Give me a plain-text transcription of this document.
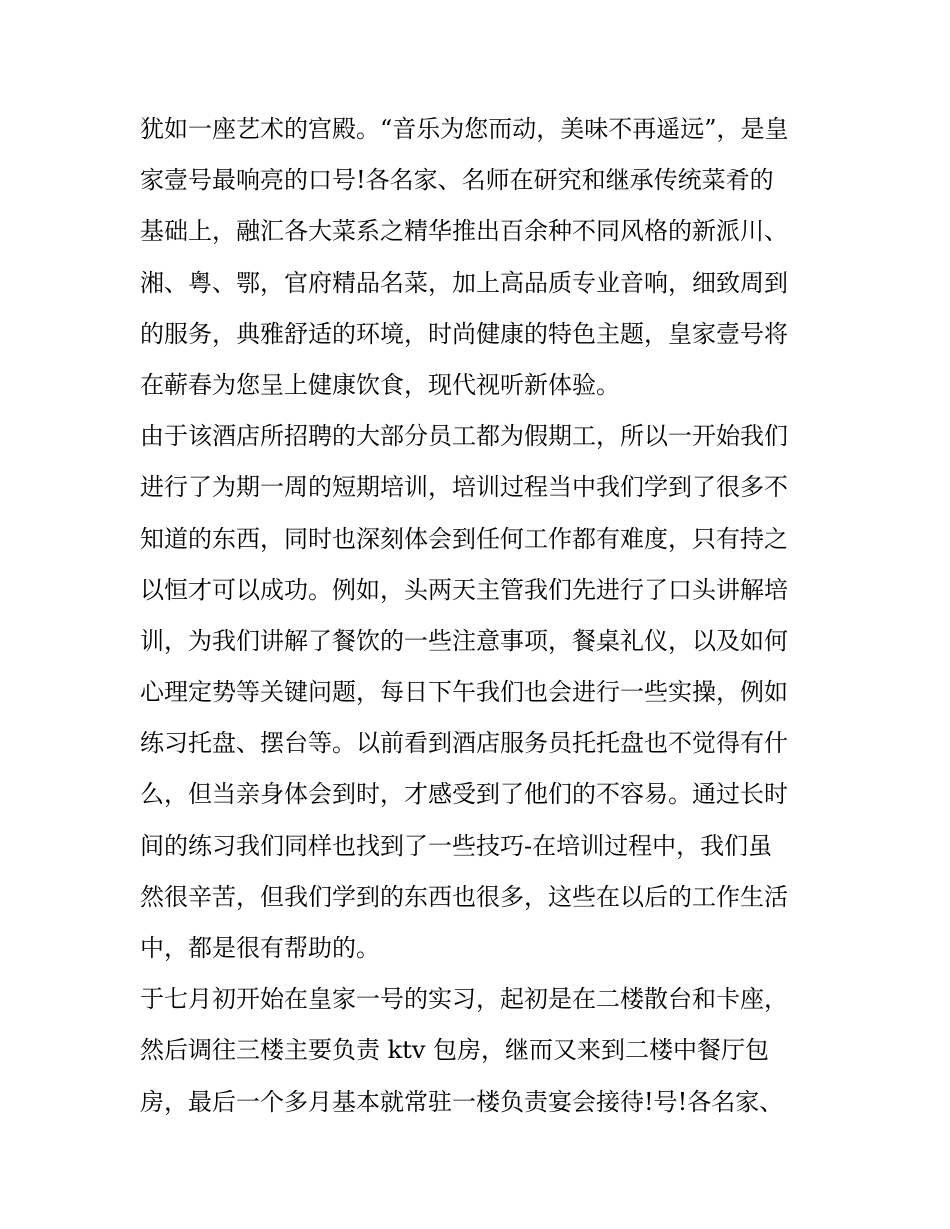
犹如一座艺术的宫殿。“音乐为您而动，美味不再遥远”，是皇
家壹号最响亮的口号!各名家、名师在研究和继承传统菜肴的
基础上，融汇各大菜系之精华推出百余种不同风格的新派川、
湘、粤、鄂，官府精品名菜，加上高品质专业音响，细致周到
的服务，典雅舒适的环境，时尚健康的特色主题，皇家壹号将
在蕲春为您呈上健康饮食，现代视听新体验。
由于该酒店所招聘的大部分员工都为假期工，所以一开始我们
进行了为期一周的短期培训，培训过程当中我们学到了很多不
知道的东西，同时也深刻体会到任何工作都有难度，只有持之
以恒才可以成功。例如，头两天主管我们先进行了口头讲解培
训，为我们讲解了餐饮的一些注意事项，餐桌礼仪，以及如何
心理定势等关键问题，每日下午我们也会进行一些实操，例如
练习托盘、摆台等。以前看到酒店服务员托托盘也不觉得有什
么，但当亲身体会到时，才感受到了他们的不容易。通过长时
间的练习我们同样也找到了一些技巧-在培训过程中，我们虽
然很辛苦，但我们学到的东西也很多，这些在以后的工作生活
中，都是很有帮助的。
于七月初开始在皇家一号的实习，起初是在二楼散台和卡座，
然后调往三楼主要负责 ktv 包房，继而又来到二楼中餐厅包
房，最后一个多月基本就常驻一楼负责宴会接待!号!各名家、
